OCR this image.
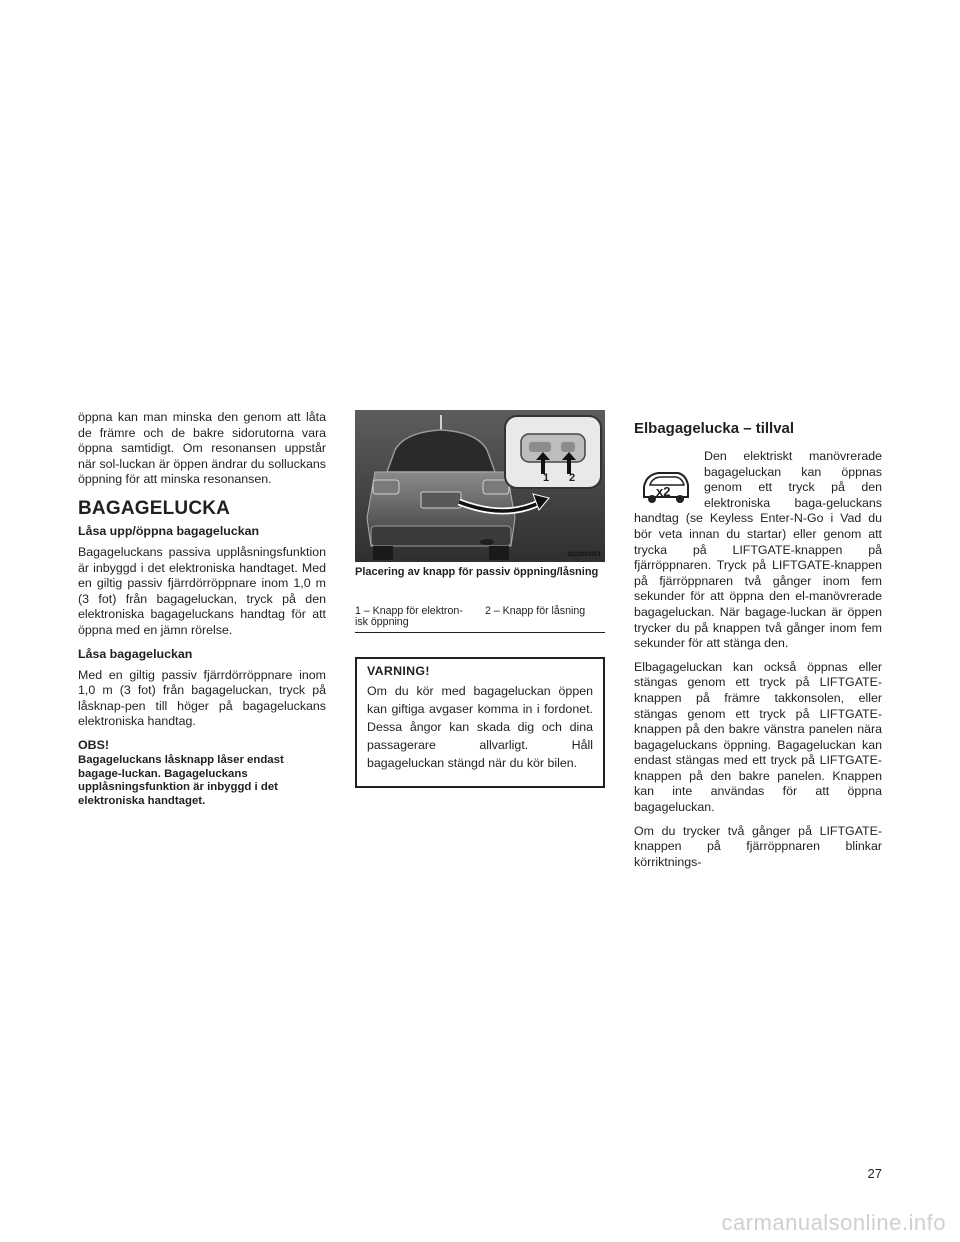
öppna kan man minska den genom att låta de främre och de bakre sidorutorna vara öppna samtidigt. Om resonansen uppstår när sol-luckan är öppen ändrar du solluckans öppning för att minska resonansen.

BAGAGELUCKA
Låsa upp/öppna bagageluckan

Bagageluckans passiva upplåsningsfunktion är inbyggd i det elektroniska handtaget. Med en giltig passiv fjärrdörröppnare inom 1,0 m (3 fot) från bagageluckan, tryck på den elektroniska bagageluckans handtag för att öppna med en jämn rörelse.

Låsa bagageluckan

Med en giltig passiv fjärrdörröppnare inom 1,0 m (3 fot) från bagageluckan, tryck på låsknap-pen till höger på bagageluckans elektroniska handtag.

OBS!
Bagageluckans låsknapp låser endast bagage-luckan. Bagageluckans upplåsningsfunktion är inbyggd i det elektroniska handtaget.
1 2
0222003451
Placering av knapp för passiv öppning/låsning
1 – Knapp för elektron-isk öppning
2 – Knapp för låsning
VARNING!

Om du kör med bagageluckan öppen kan giftiga avgaser komma in i fordonet. Dessa ångor kan skada dig och dina passagerare allvarligt. Håll bagageluckan stängd när du kör bilen.

Elbagagelucka – tillval
x2

Den elektriskt manövrerade bagageluckan kan öppnas genom ett tryck på den elektroniska baga-geluckans handtag (se Keyless Enter-N-Go i Vad du bör veta innan du startar) eller genom att trycka på LIFTGATE-knappen på fjärröppnaren. Tryck på LIFTGATE-knappen på fjärröppnaren två gånger inom fem sekunder för att öppna den el-manövrerade bagageluckan. När bagage-luckan är öppen trycker du på knappen två gånger inom fem sekunder för att stänga den.

Elbagageluckan kan också öppnas eller stängas genom ett tryck på LIFTGATE-knappen på främre takkonsolen, eller stängas genom ett tryck på LIFTGATE-knappen på den bakre vänstra panelen nära bagageluckans öppning. Bagageluckan kan endast stängas med ett tryck på LIFTGATE-knappen på den bakre panelen. Knappen kan inte användas för att öppna bagageluckan.

Om du trycker två gånger på LIFTGATE-knappen på fjärröppnaren blinkar körriktnings-

27
carmanualsonline.info
